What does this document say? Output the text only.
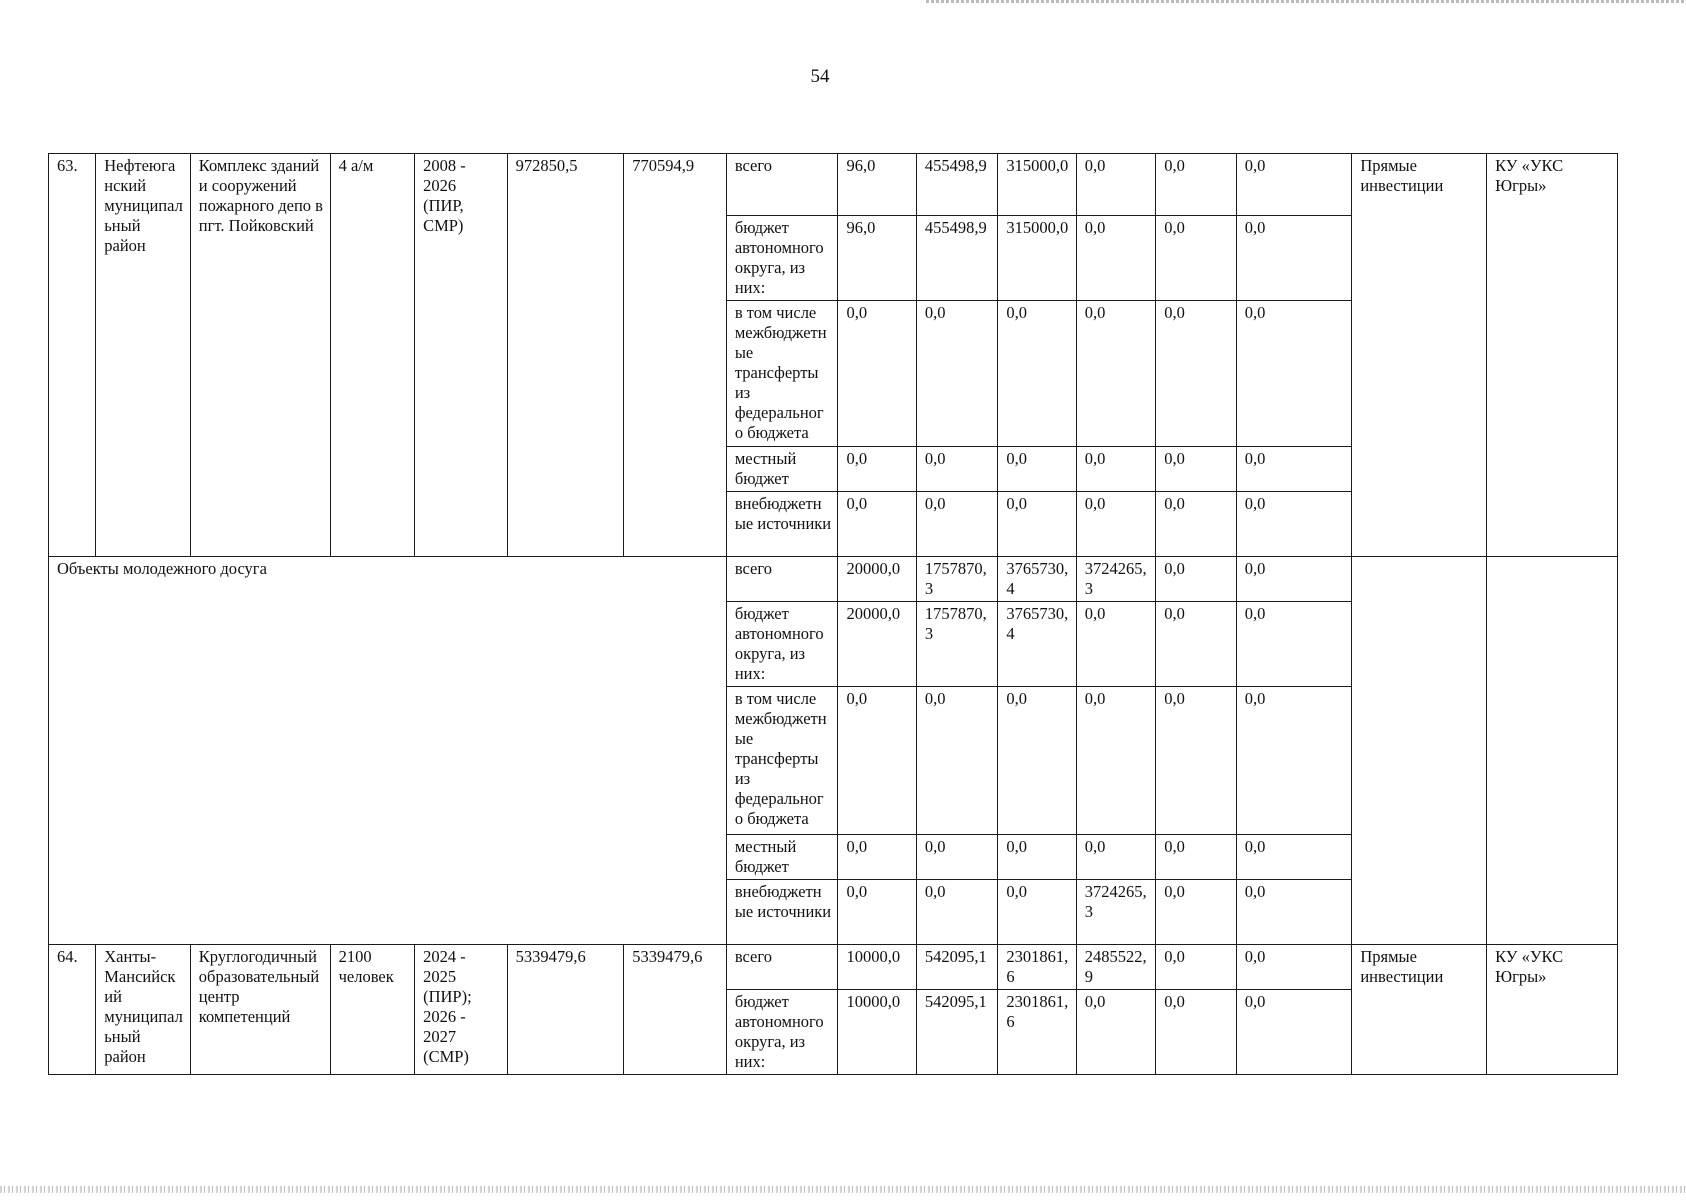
54
63.	Нефтеюганский муниципальный район	Комплекс зданий и сооружений пожарного депо в пгт. Пойковский	4 а/м	2008 - 2026 (ПИР, СМР)	972850,5	770594,9	всего	96,0	455498,9	315000,0	0,0	0,0	0,0	Прямые инвестиции	КУ «УКС Югры»
							бюджет автономного округа, из них:	96,0	455498,9	315000,0	0,0	0,0	0,0		
							в том числе межбюджетные трансферты из федерального бюджета	0,0	0,0	0,0	0,0	0,0	0,0		
							местный бюджет	0,0	0,0	0,0	0,0	0,0	0,0		
							внебюджетные источники	0,0	0,0	0,0	0,0	0,0	0,0		
Объекты молодежного досуга							всего	20000,0	1757870,3	3765730,4	3724265,3	0,0	0,0		
							бюджет автономного округа, из них:	20000,0	1757870,3	3765730,4	0,0	0,0	0,0		
							в том числе межбюджетные трансферты из федерального бюджета	0,0	0,0	0,0	0,0	0,0	0,0		
							местный бюджет	0,0	0,0	0,0	0,0	0,0	0,0		
							внебюджетные источники	0,0	0,0	0,0	3724265,3	0,0	0,0		
64.	Ханты-Мансийский муниципальный район	Круглогодичный образовательный центр компетенций	2100 человек	2024 - 2025 (ПИР); 2026 - 2027 (СМР)	5339479,6	5339479,6	всего	10000,0	542095,1	2301861,6	2485522,9	0,0	0,0	Прямые инвестиции	КУ «УКС Югры»
							бюджет автономного округа, из них:	10000,0	542095,1	2301861,6	0,0	0,0	0,0		
